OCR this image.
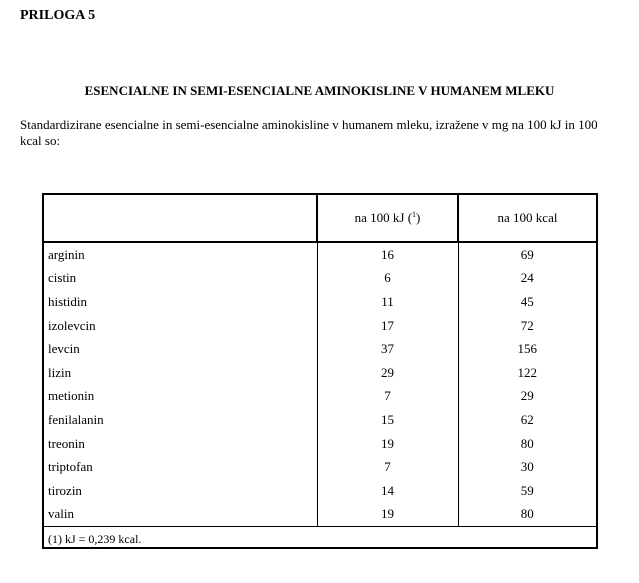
PRILOGA 5
ESENCIALNE IN SEMI-ESENCIALNE AMINOKISLINE V HUMANEM MLEKU
Standardizirane esencialne in semi-esencialne aminokisline v humanem mleku, izražene v mg na 100 kJ in 100 kcal so:
	na 100 kJ ($^1$)	na 100 kcal
arginin	16	69
cistin	6	24
histidin	11	45
izolevcin	17	72
levcin	37	156
lizin	29	122
metionin	7	29
fenilalanin	15	62
treonin	19	80
triptofan	7	30
tirozin	14	59
valin	19	80
(1) kJ = 0,239 kcal.		
